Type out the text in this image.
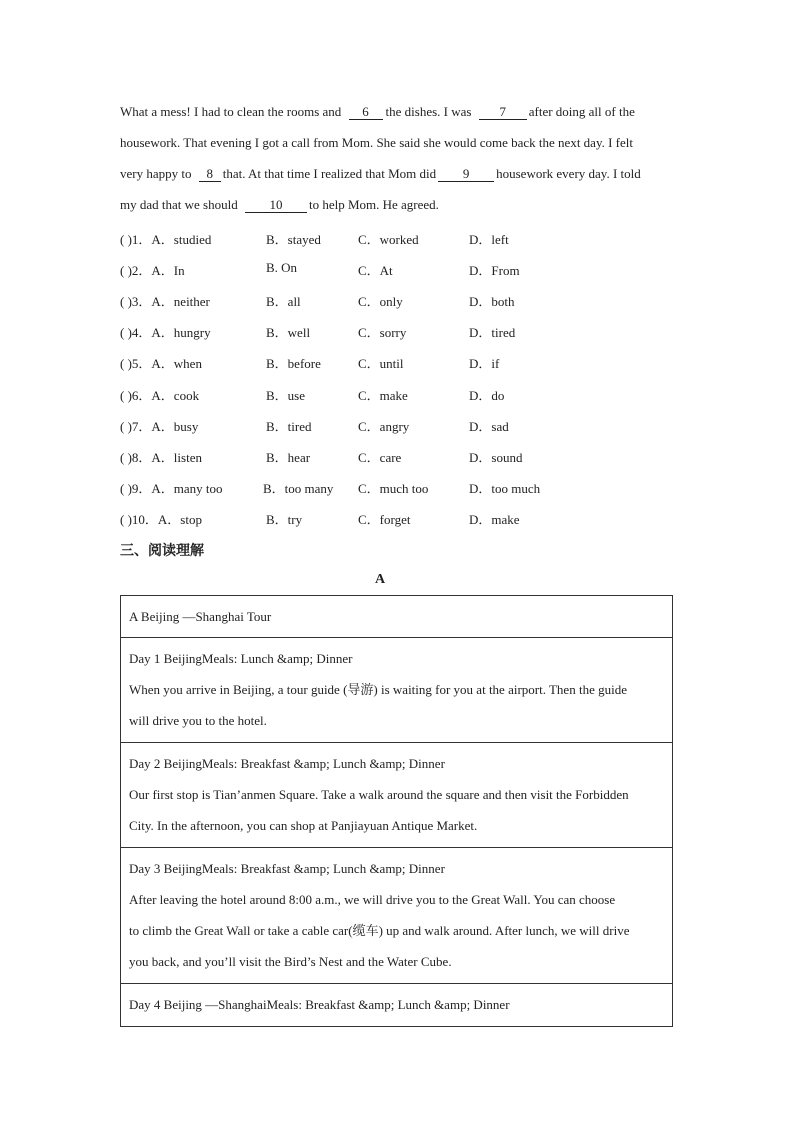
What a mess! I had to clean the rooms and 6 the dishes. I was 7 after doing all of the
housework. That evening I got a call from Mom. She said she would come back the next day. I felt
very happy to 8 that. At that time I realized that Mom did 9 housework every day. I told
my dad that we should 10 to help Mom. He agreed.
( )1．A．studied	B．stayed	C．worked	D．left
( )2．A．In	B. On	C．At	D．From
( )3．A．neither	B．all	C．only	D．both
( )4．A．hungry	B．well	C．sorry	D．tired
( )5．A．when	B．before	C．until	D．if
( )6．A．cook	B．use	C．make	D．do
( )7．A．busy	B．tired	C．angry	D．sad
( )8．A．listen	B．hear	C．care	D．sound
( )9．A．many too	B．too many C．much too	D．too much
( )10．A．stop	B．try	C．forget	D．make
三、阅读理解
A
A Beijing —Shanghai Tour

Day 1 BeijingMeals: Lunch &amp; Dinner
When you arrive in Beijing, a tour guide (导游) is waiting for you at the airport. Then the guide
will drive you to the hotel.

Day 2 BeijingMeals: Breakfast &amp; Lunch &amp; Dinner
Our first stop is Tian’anmen Square. Take a walk around the square and then visit the Forbidden
City. In the afternoon, you can shop at Panjiayuan Antique Market.

Day 3 BeijingMeals: Breakfast &amp; Lunch &amp; Dinner
After leaving the hotel around 8:00 a.m., we will drive you to the Great Wall. You can choose
to climb the Great Wall or take a cable car(缆车) up and walk around. After lunch, we will drive
you back, and you’ll visit the Bird’s Nest and the Water Cube.

Day 4 Beijing —ShanghaiMeals: Breakfast &amp; Lunch &amp; Dinner
